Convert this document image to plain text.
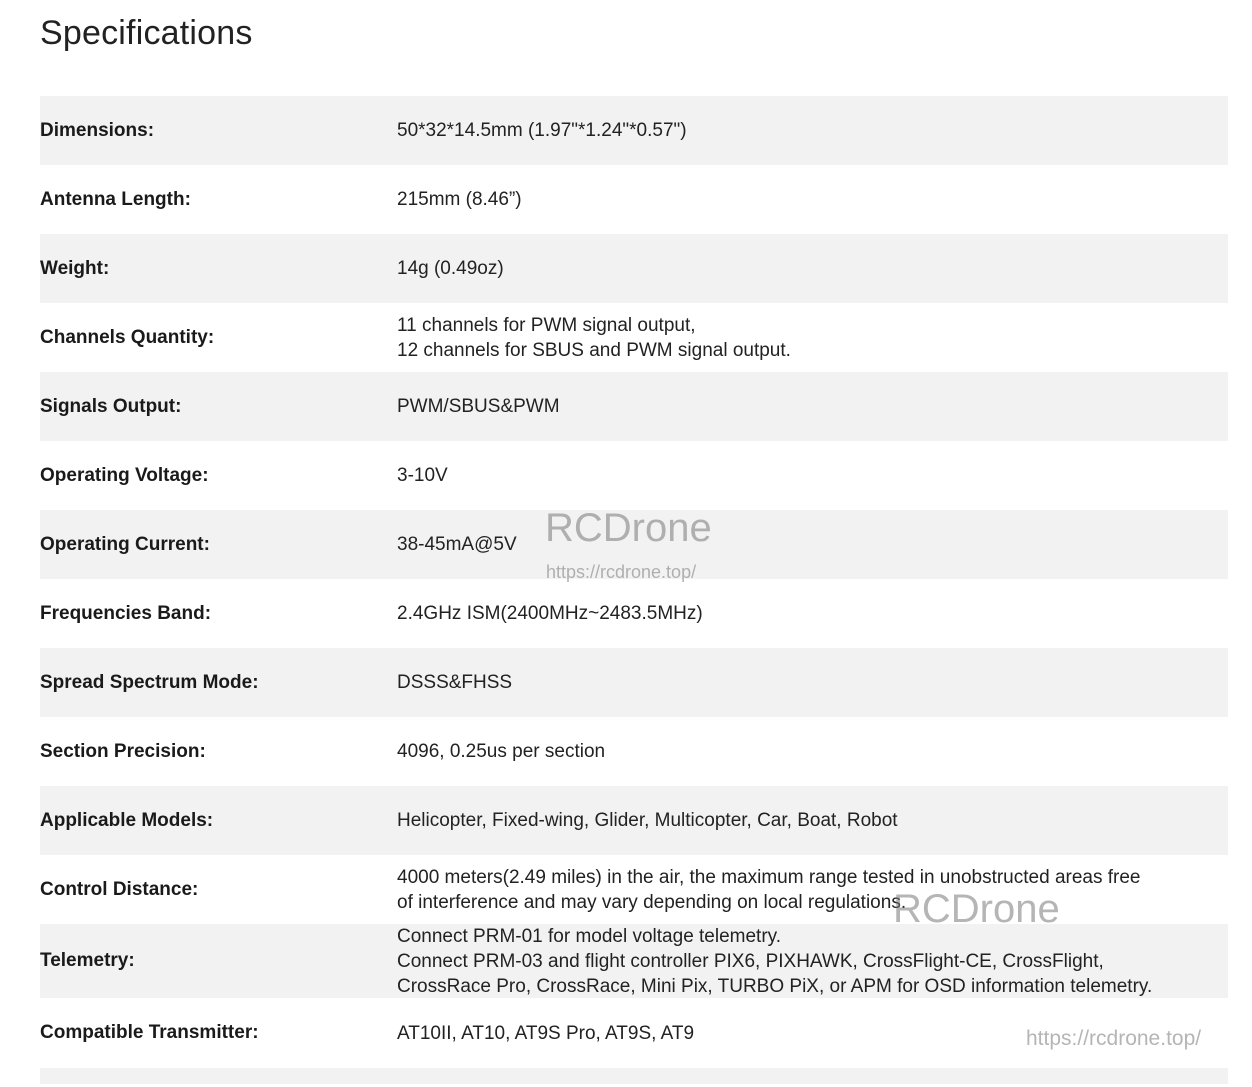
Specifications
Dimensions:	50*32*14.5mm (1.97"*1.24"*0.57")
Antenna Length:	215mm (8.46”)
Weight:	14g (0.49oz)
Channels Quantity:
11 channels for PWM signal output,
12 channels for SBUS and PWM signal output.
Signals Output:	PWM/SBUS&PWM
Operating Voltage:	3-10V
Operating Current:	38-45mA@5V
Frequencies Band:	2.4GHz ISM(2400MHz~2483.5MHz)
Spread Spectrum Mode:	DSSS&FHSS
Section Precision:	4096, 0.25us per section
Applicable Models:	Helicopter, Fixed-wing, Glider, Multicopter, Car, Boat, Robot
Control Distance:
4000 meters(2.49 miles) in the air, the maximum range tested in unobstructed areas free
of interference and may vary depending on local regulations.
Telemetry:
Connect PRM-01 for model voltage telemetry.
Connect PRM-03 and flight controller PIX6, PIXHAWK, CrossFlight-CE, CrossFlight,
CrossRace Pro, CrossRace, Mini Pix, TURBO PiX, or APM for OSD information telemetry.
Compatible Transmitter:	AT10II, AT10, AT9S Pro, AT9S, AT9
RCDrone
https://rcdrone.top/
RCDrone
https://rcdrone.top/
